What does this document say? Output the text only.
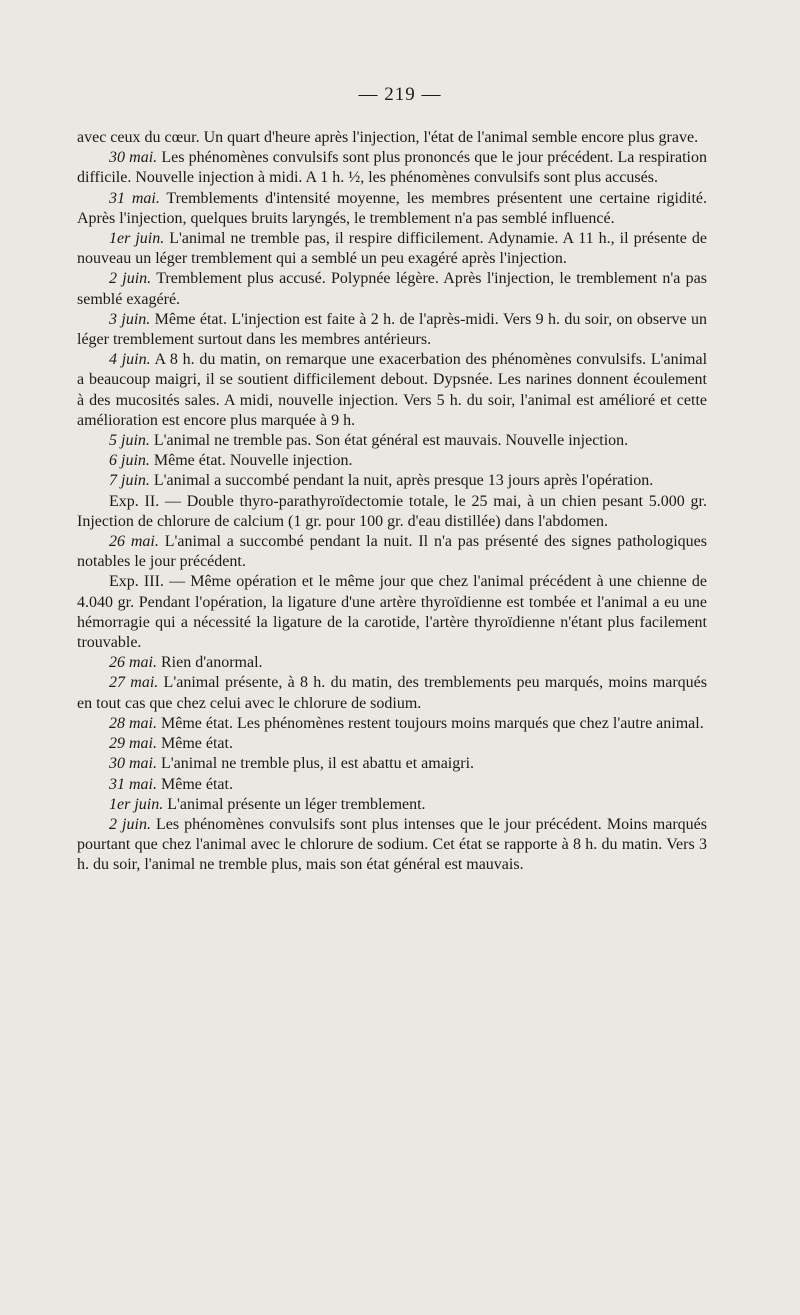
— 219 —

avec ceux du cœur. Un quart d'heure après l'injection, l'état de l'animal semble encore plus grave.

30 mai. Les phénomènes convulsifs sont plus prononcés que le jour précédent. La respiration difficile. Nouvelle injection à midi. A 1 h. ½, les phénomènes convulsifs sont plus accusés.

31 mai. Tremblements d'intensité moyenne, les membres présentent une certaine rigidité. Après l'injection, quelques bruits laryngés, le tremblement n'a pas semblé influencé.

1er juin. L'animal ne tremble pas, il respire difficilement. Adynamie. A 11 h., il présente de nouveau un léger tremblement qui a semblé un peu exagéré après l'injection.

2 juin. Tremblement plus accusé. Polypnée légère. Après l'injection, le tremblement n'a pas semblé exagéré.

3 juin. Même état. L'injection est faite à 2 h. de l'après-midi. Vers 9 h. du soir, on observe un léger tremblement surtout dans les membres antérieurs.

4 juin. A 8 h. du matin, on remarque une exacerbation des phénomènes convulsifs. L'animal a beaucoup maigri, il se soutient difficilement debout. Dypsnée. Les narines donnent écoulement à des mucosités sales. A midi, nouvelle injection. Vers 5 h. du soir, l'animal est amélioré et cette amélioration est encore plus marquée à 9 h.

5 juin. L'animal ne tremble pas. Son état général est mauvais. Nouvelle injection.

6 juin. Même état. Nouvelle injection.

7 juin. L'animal a succombé pendant la nuit, après presque 13 jours après l'opération.

Exp. II. — Double thyro-parathyroïdectomie totale, le 25 mai, à un chien pesant 5.000 gr. Injection de chlorure de calcium (1 gr. pour 100 gr. d'eau distillée) dans l'abdomen.

26 mai. L'animal a succombé pendant la nuit. Il n'a pas présenté des signes pathologiques notables le jour précédent.

Exp. III. — Même opération et le même jour que chez l'animal précédent à une chienne de 4.040 gr. Pendant l'opération, la ligature d'une artère thyroïdienne est tombée et l'animal a eu une hémorragie qui a nécessité la ligature de la carotide, l'artère thyroïdienne n'étant plus facilement trouvable.

26 mai. Rien d'anormal.

27 mai. L'animal présente, à 8 h. du matin, des tremblements peu marqués, moins marqués en tout cas que chez celui avec le chlorure de sodium.

28 mai. Même état. Les phénomènes restent toujours moins marqués que chez l'autre animal.

29 mai. Même état.

30 mai. L'animal ne tremble plus, il est abattu et amaigri.

31 mai. Même état.

1er juin. L'animal présente un léger tremblement.

2 juin. Les phénomènes convulsifs sont plus intenses que le jour précédent. Moins marqués pourtant que chez l'animal avec le chlorure de sodium. Cet état se rapporte à 8 h. du matin. Vers 3 h. du soir, l'animal ne tremble plus, mais son état général est mauvais.
